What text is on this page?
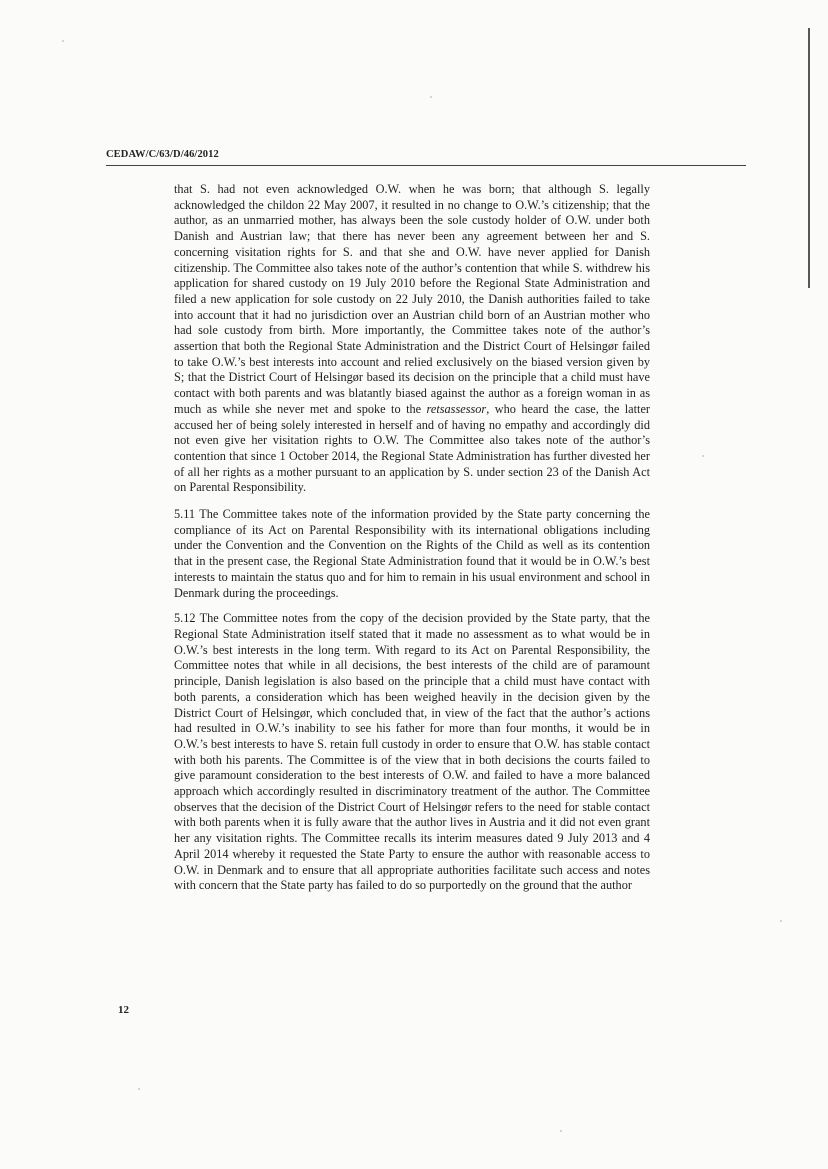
CEDAW/C/63/D/46/2012

that S. had not even acknowledged O.W. when he was born; that although S. legally acknowledged the childon 22 May 2007, it resulted in no change to O.W.’s citizenship; that the author, as an unmarried mother, has always been the sole custody holder of O.W. under both Danish and Austrian law; that there has never been any agreement between her and S. concerning visitation rights for S. and that she and O.W. have never applied for Danish citizenship. The Committee also takes note of the author’s contention that while S. withdrew his application for shared custody on 19 July 2010 before the Regional State Administration and filed a new application for sole custody on 22 July 2010, the Danish authorities failed to take into account that it had no jurisdiction over an Austrian child born of an Austrian mother who had sole custody from birth. More importantly, the Committee takes note of the author’s assertion that both the Regional State Administration and the District Court of Helsingør failed to take O.W.’s best interests into account and relied exclusively on the biased version given by S; that the District Court of Helsingør based its decision on the principle that a child must have contact with both parents and was blatantly biased against the author as a foreign woman in as much as while she never met and spoke to the retsassessor, who heard the case, the latter accused her of being solely interested in herself and of having no empathy and accordingly did not even give her visitation rights to O.W. The Committee also takes note of the author’s contention that since 1 October 2014, the Regional State Administration has further divested her of all her rights as a mother pursuant to an application by S. under section 23 of the Danish Act on Parental Responsibility.

5.11 The Committee takes note of the information provided by the State party concerning the compliance of its Act on Parental Responsibility with its international obligations including under the Convention and the Convention on the Rights of the Child as well as its contention that in the present case, the Regional State Administration found that it would be in O.W.’s best interests to maintain the status quo and for him to remain in his usual environment and school in Denmark during the proceedings.

5.12 The Committee notes from the copy of the decision provided by the State party, that the Regional State Administration itself stated that it made no assessment as to what would be in O.W.’s best interests in the long term. With regard to its Act on Parental Responsibility, the Committee notes that while in all decisions, the best interests of the child are of paramount principle, Danish legislation is also based on the principle that a child must have contact with both parents, a consideration which has been weighed heavily in the decision given by the District Court of Helsingør, which concluded that, in view of the fact that the author’s actions had resulted in O.W.’s inability to see his father for more than four months, it would be in O.W.’s best interests to have S. retain full custody in order to ensure that O.W. has stable contact with both his parents. The Committee is of the view that in both decisions the courts failed to give paramount consideration to the best interests of O.W. and failed to have a more balanced approach which accordingly resulted in discriminatory treatment of the author. The Committee observes that the decision of the District Court of Helsingør refers to the need for stable contact with both parents when it is fully aware that the author lives in Austria and it did not even grant her any visitation rights. The Committee recalls its interim measures dated 9 July 2013 and 4 April 2014 whereby it requested the State Party to ensure the author with reasonable access to O.W. in Denmark and to ensure that all appropriate authorities facilitate such access and notes with concern that the State party has failed to do so purportedly on the ground that the author

12
